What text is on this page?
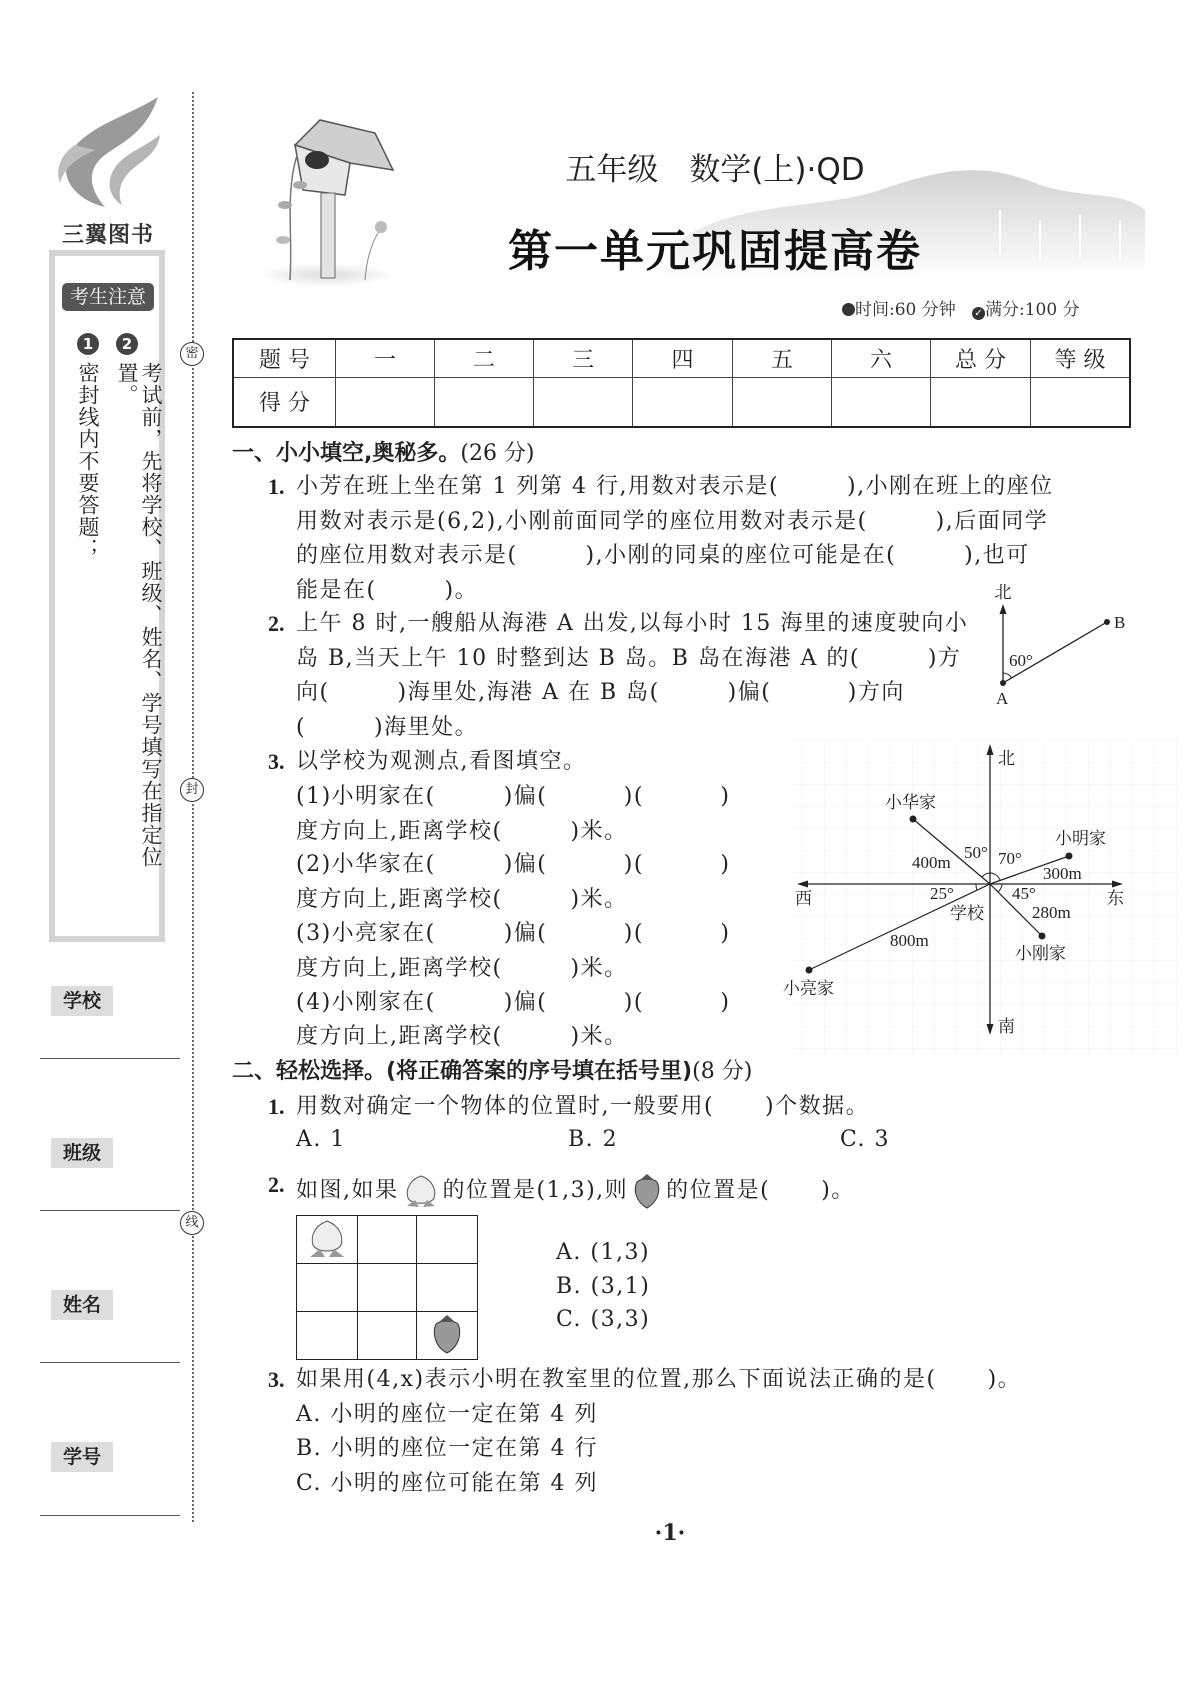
三翼图书
考生注意
1	2
密封线内不要答题；	考试前，先将学校、班级、姓名、学号填写在指定位置。
密
封
线
学校
班级
姓名
学号
五年级　数学(上)·QD
第一单元巩固提高卷
时间:60 分钟 ✓ 满分:100 分
题 号	一	二	三	四	五	六	总 分	等 级
得 分								
一、小小填空,奥秘多。(26 分)
1. 小芳在班上坐在第 1 列第 4 行,用数对表示是(        ),小刚在班上的座位
用数对表示是(6,2),小刚前面同学的座位用数对表示是(        ),后面同学
的座位用数对表示是(        ),小刚的同桌的座位可能是在(        ),也可
能是在(        )。
2. 上午 8 时,一艘船从海港 A 出发,以每小时 15 海里的速度驶向小
岛 B,当天上午 10 时整到达 B 岛。B 岛在海港 A 的(        )方
向(        )海里处,海港 A 在 B 岛(        )偏(         )方向
(        )海里处。
北
B
60°
A
3. 以学校为观测点,看图填空。
(1)小明家在(        )偏(         )(         )
度方向上,距离学校(        )米。
(2)小华家在(        )偏(         )(         )
度方向上,距离学校(        )米。
(3)小亮家在(        )偏(         )(         )
度方向上,距离学校(        )米。
(4)小刚家在(        )偏(         )(         )
度方向上,距离学校(        )米。
北
南
西	东
学校
小华家
小明家
小亮家
小刚家
400m
300m
800m
280m
50° 70°
25°	45°
二、轻松选择。(将正确答案的序号填在括号里)(8 分)
1. 用数对确定一个物体的位置时,一般要用(      )个数据。
A. 1	B. 2	C. 3
2. 如图,如果 的位置是(1,3),则 的位置是(      )。

A. (1,3)
B. (3,1)
C. (3,3)
3. 如果用(4,x)表示小明在教室里的位置,那么下面说法正确的是(      )。
A. 小明的座位一定在第 4 列
B. 小明的座位一定在第 4 行
C. 小明的座位可能在第 4 列
·1·
